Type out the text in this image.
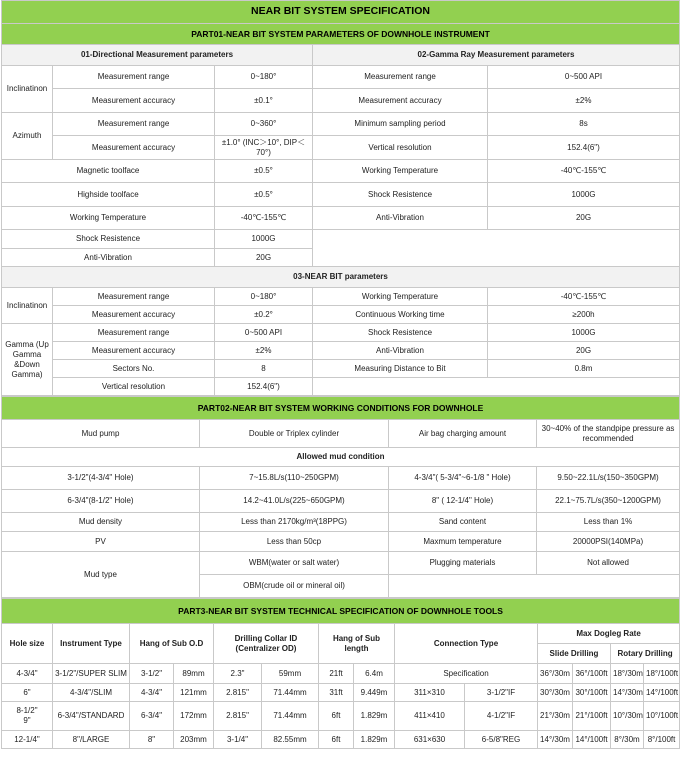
NEAR BIT SYSTEM SPECIFICATION				
PART01-NEAR BIT SYSTEM PARAMETERS OF DOWNHOLE INSTRUMENT				
01-Directional Measurement parameters			02-Gamma Ray Measurement parameters	
Inclinatinon	Measurement range	0~180°	Measurement range	0~500 API
	Measurement accuracy	±0.1°	Measurement accuracy	±2%
Azimuth	Measurement range	0~360°	Minimum sampling period	8s
	Measurement accuracy	±1.0° (INC＞10°, DIP＜70°)	Vertical resolution	152.4(6")
Magnetic toolface		±0.5°	Working Temperature	-40℃-155℃
Highside toolface		±0.5°	Shock Resistence	1000G
Working Temperature		-40℃-155℃	Anti-Vibration	20G
Shock Resistence		1000G		
Anti-Vibration		20G		
03-NEAR BIT parameters				
Inclinatinon	Measurement range	0~180°	Working Temperature	-40℃-155℃
	Measurement accuracy	±0.2°	Continuous Working time	≥200h
Gamma (Up Gamma &Down Gamma)	Measurement range	0~500 API	Shock Resistence	1000G
	Measurement accuracy	±2%	Anti-Vibration	20G
	Sectors No.	8	Measuring Distance to Bit	0.8m
	Vertical resolution	152.4(6")		
PART02-NEAR BIT SYSTEM WORKING CONDITIONS FOR DOWNHOLE			
Mud pump	Double or Triplex cylinder	Air bag charging amount	30~40% of the standpipe pressure as recommended
Allowed mud condition			
3-1/2"(4-3/4" Hole)	7~15.8L/s(110~250GPM)	4-3/4"( 5-3/4"~6-1/8 " Hole)	9.50~22.1L/s(150~350GPM)
6-3/4"(8-1/2" Hole)	14.2~41.0L/s(225~650GPM)	8" ( 12-1/4" Hole)	22.1~75.7L/s(350~1200GPM)
Mud density	Less than 2170kg/m³(18PPG)	Sand content	Less than 1%
PV	Less than 50cp	Maxmum temperature	20000PSI(140MPa)
Mud type	WBM(water or salt water)	Plugging materials	Not allowed
	OBM(crude oil or mineral oil)		
PART3-NEAR BIT SYSTEM TECHNICAL SPECIFICATION OF DOWNHOLE TOOLS													
Hole size	Instrument Type	Hang of Sub O.D		Drilling Collar ID (Centralizer OD)		Hang of Sub length		Connection Type		Max Dogleg Rate			
										Slide Drilling		Rotary Drilling	
4-3/4"	3-1/2"/SUPER SLIM	3-1/2"	89mm	2.3"	59mm	21ft	6.4m	Specification		36°/30m	36°/100ft	18°/30m	18°/100ft
6"	4-3/4"/SLIM	4-3/4"	121mm	2.815"	71.44mm	31ft	9.449m	311×310	3-1/2"IF	30°/30m	30°/100ft	14°/30m	14°/100ft
8-1/2"
9"	6-3/4"/STANDARD	6-3/4"	172mm	2.815"	71.44mm	6ft	1.829m	411×410	4-1/2"IF	21°/30m	21°/100ft	10°/30m	10°/100ft
12-1/4"	8"/LARGE	8"	203mm	3-1/4"	82.55mm	6ft	1.829m	631×630	6-5/8"REG	14°/30m	14°/100ft	8°/30m	8°/100ft
